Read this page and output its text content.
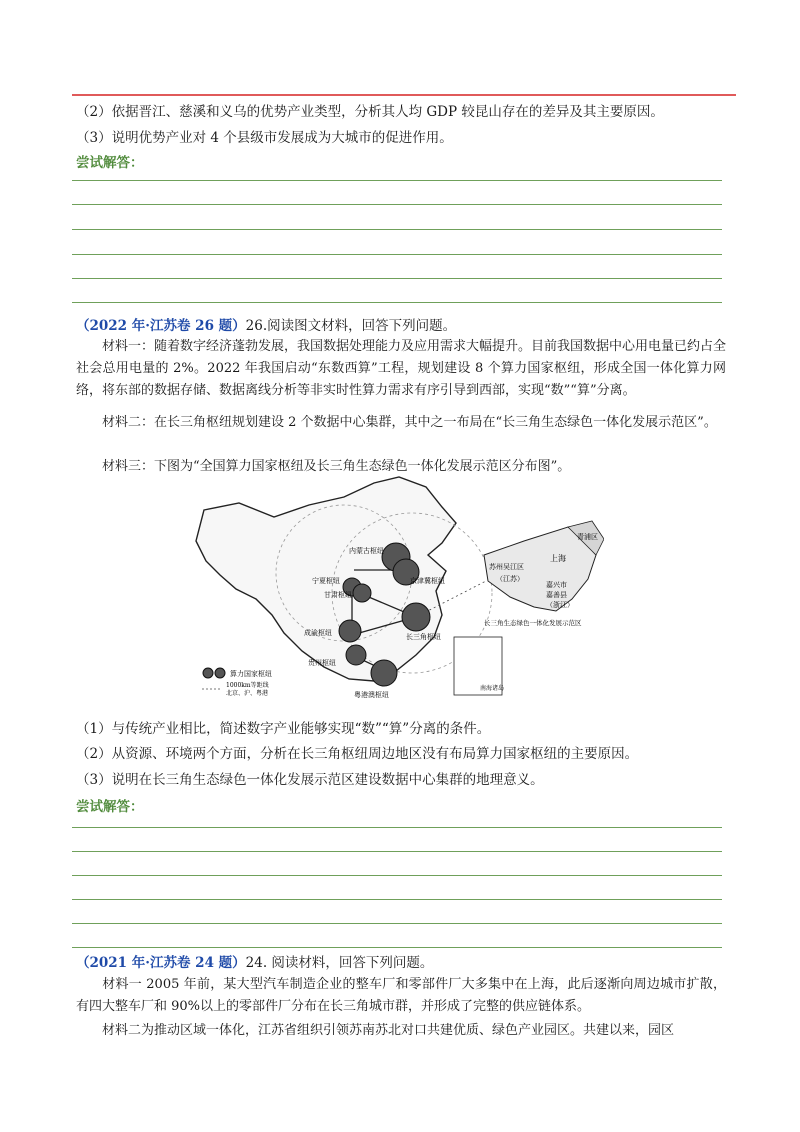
（2）依据晋江、慈溪和义乌的优势产业类型，分析其人均 GDP 较昆山存在的差异及其主要原因。
（3）说明优势产业对 4 个县级市发展成为大城市的促进作用。
尝试解答：
（2022 年·江苏卷 26 题）26.阅读图文材料，回答下列问题。
材料一：随着数字经济蓬勃发展，我国数据处理能力及应用需求大幅提升。目前我国数据中心用电量已约占全社会总用电量的 2%。2022 年我国启动“东数西算”工程，规划建设 8 个算力国家枢纽，形成全国一体化算力网络，将东部的数据存储、数据离线分析等非实时性算力需求有序引导到西部，实现“数”“算”分离。
材料二：在长三角枢纽规划建设 2 个数据中心集群，其中之一布局在“长三角生态绿色一体化发展示范区”。
材料三：下图为“全国算力国家枢纽及长三角生态绿色一体化发展示范区分布图”。
内蒙古枢纽
宁夏枢纽
甘肃枢纽
京津冀枢纽
长三角枢纽
成渝枢纽
贵州枢纽
粤港澳枢纽
青浦区
上海
苏州吴江区
（江苏）
嘉兴市
嘉善县
（浙江）
长三角生态绿色一体化发展示范区
南海诸岛
算力国家枢纽
1000km等距线
北京、沪、粤港
（1）与传统产业相比，简述数字产业能够实现“数”“算”分离的条件。
（2）从资源、环境两个方面，分析在长三角枢纽周边地区没有布局算力国家枢纽的主要原因。
（3）说明在长三角生态绿色一体化发展示范区建设数据中心集群的地理意义。
尝试解答：
（2021 年·江苏卷 24 题）24. 阅读材料，回答下列问题。
材料一 2005 年前，某大型汽车制造企业的整车厂和零部件厂大多集中在上海，此后逐渐向周边城市扩散，有四大整车厂和 90%以上的零部件厂分布在长三角城市群，并形成了完整的供应链体系。
材料二为推动区域一体化，江苏省组织引领苏南苏北对口共建优质、绿色产业园区。共建以来，园区
